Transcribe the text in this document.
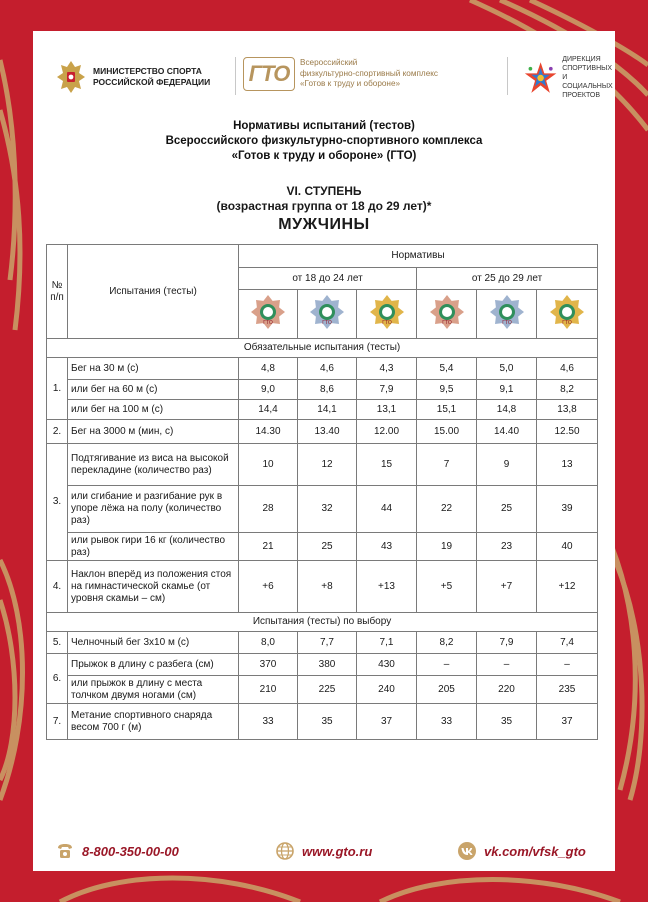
МИНИСТЕРСТВО СПОРТА
РОССИЙСКОЙ ФЕДЕРАЦИИ ГТО	Всероссийский
физкультурно-спортивный комплекс
«Готов к труду и обороне»
ДИРЕКЦИЯ
СПОРТИВНЫХ
И СОЦИАЛЬНЫХ
ПРОЕКТОВ
Нормативы испытаний (тестов)
Всероссийского физкультурно-спортивного комплекса
«Готов к труду и обороне» (ГТО)
VI. СТУПЕНЬ
(возрастная группа от 18 до 29 лет)*
МУЖЧИНЫ
№ п/п	Испытания (тесты)	Нормативы					
		от 18 до 24 лет			от 25 до 29 лет		

ГТО	ГТО	ГТО	ГТО	ГТО	ГТО

Обязательные испытания (тесты)							
1.	Бег на 30 м (с)	4,8	4,6	4,3	5,4	5,0	4,6
	или бег на 60 м (с)	9,0	8,6	7,9	9,5	9,1	8,2
	или бег на 100 м (с)	14,4	14,1	13,1	15,1	14,8	13,8
2.	Бег на 3000 м (мин, с)	14.30	13.40	12.00	15.00	14.40	12.50
3.	Подтягивание из виса на высокой перекладине (количество раз)	10	12	15	7	9	13
	или сгибание и разгибание рук в упоре лёжа на полу (количество раз)	28	32	44	22	25	39
	или рывок гири 16 кг (количество раз)	21	25	43	19	23	40
4.	Наклон вперёд из положения стоя на гимнастической скамье (от уровня скамьи – см)	+6	+8	+13	+5	+7	+12
Испытания (тесты) по выбору							
5.	Челночный бег 3х10 м (с)	8,0	7,7	7,1	8,2	7,9	7,4
6.	Прыжок в длину с разбега (см)	370	380	430	–	–	–
	или прыжок в длину с места толчком двумя ногами (см)	210	225	240	205	220	235
7.	Метание спортивного снаряда весом 700 г (м)	33	35	37	33	35	37
8-800-350-00-00	www.gto.ru	vk.com/vfsk_gto
